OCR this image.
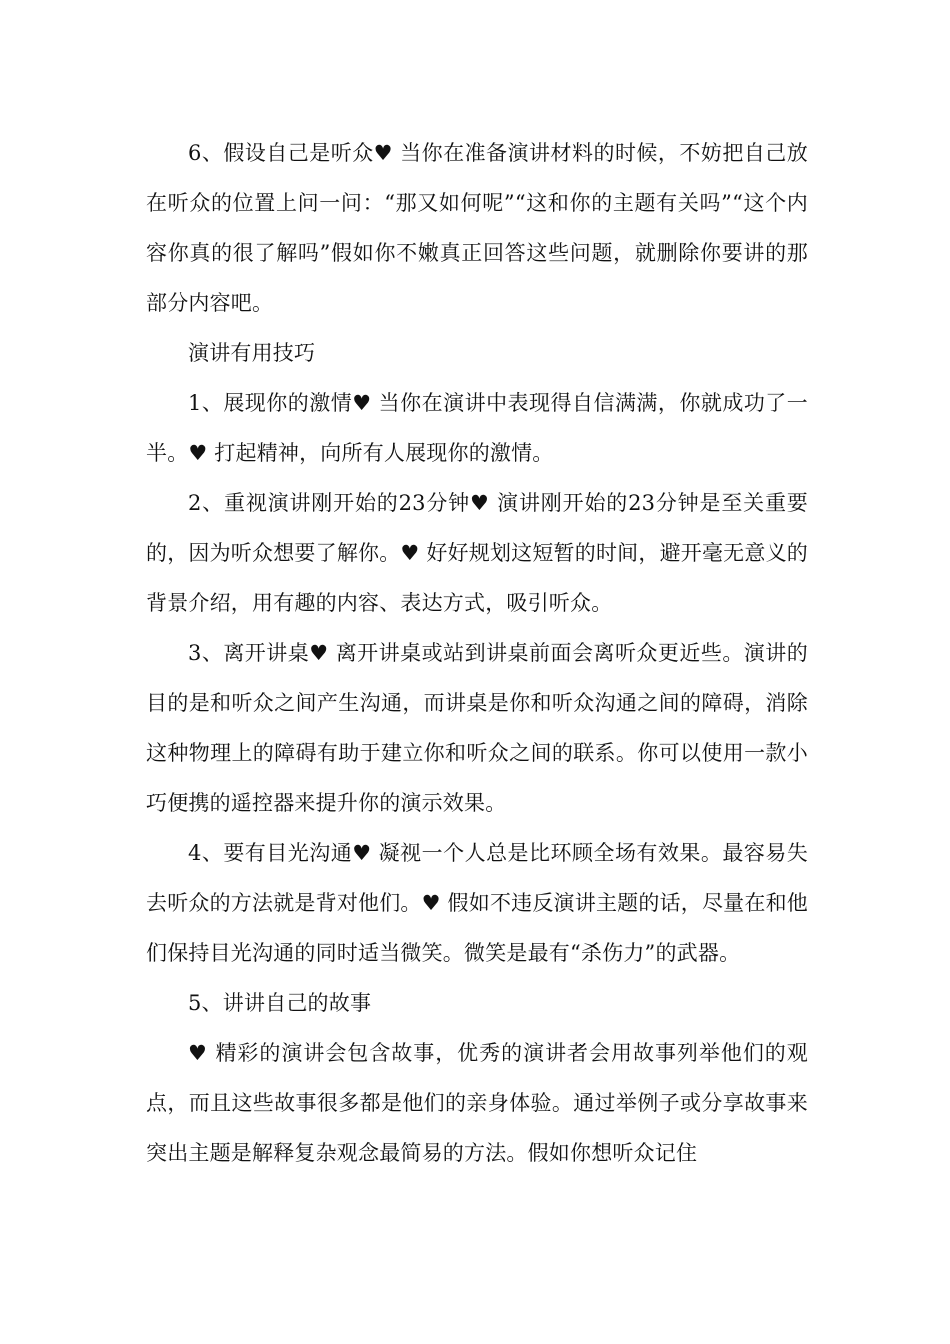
6、假设自己是听众♥ 当你在准备演讲材料的时候，不妨把自己放在听众的位置上问一问：“那又如何呢”“这和你的主题有关吗”“这个内容你真的很了解吗”假如你不嫩真正回答这些问题，就删除你要讲的那部分内容吧。

演讲有用技巧

1、展现你的激情♥ 当你在演讲中表现得自信满满，你就成功了一半。♥ 打起精神，向所有人展现你的激情。

2、重视演讲刚开始的23分钟♥ 演讲刚开始的23分钟是至关重要的，因为听众想要了解你。♥ 好好规划这短暂的时间，避开毫无意义的背景介绍，用有趣的内容、表达方式，吸引听众。

3、离开讲桌♥ 离开讲桌或站到讲桌前面会离听众更近些。演讲的目的是和听众之间产生沟通，而讲桌是你和听众沟通之间的障碍，消除这种物理上的障碍有助于建立你和听众之间的联系。你可以使用一款小巧便携的遥控器来提升你的演示效果。

4、要有目光沟通♥ 凝视一个人总是比环顾全场有效果。最容易失去听众的方法就是背对他们。♥ 假如不违反演讲主题的话，尽量在和他们保持目光沟通的同时适当微笑。微笑是最有“杀伤力”的武器。

5、讲讲自己的故事

♥ 精彩的演讲会包含故事，优秀的演讲者会用故事列举他们的观点，而且这些故事很多都是他们的亲身体验。通过举例子或分享故事来突出主题是解释复杂观念最简易的方法。假如你想听众记住
